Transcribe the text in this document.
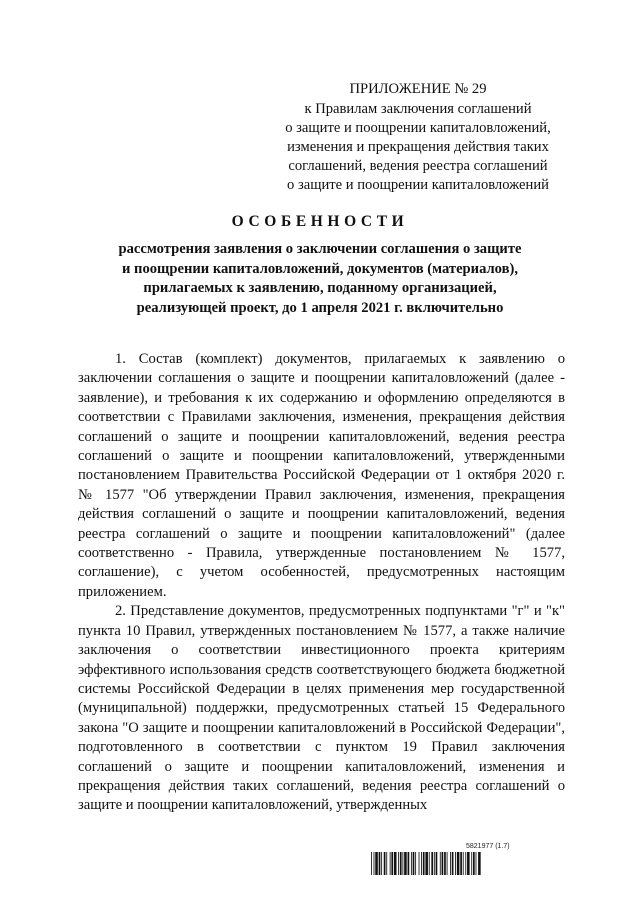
ПРИЛОЖЕНИЕ № 29
к Правилам заключения соглашений
о защите и поощрении капиталовложений,
изменения и прекращения действия таких
соглашений, ведения реестра соглашений
о защите и поощрении капиталовложений
ОСОБЕННОСТИ
рассмотрения заявления о заключении соглашения о защите
и поощрении капиталовложений, документов (материалов),
прилагаемых к заявлению, поданному организацией,
реализующей проект, до 1 апреля 2021 г. включительно

1. Состав (комплект) документов, прилагаемых к заявлению о заключении соглашения о защите и поощрении капиталовложений (далее - заявление), и требования к их содержанию и оформлению определяются в соответствии с Правилами заключения, изменения, прекращения действия соглашений о защите и поощрении капиталовложений, ведения реестра соглашений о защите и поощрении капиталовложений, утвержденными постановлением Правительства Российской Федерации от 1 октября 2020 г. № 1577 "Об утверждении Правил заключения, изменения, прекращения действия соглашений о защите и поощрении капиталовложений, ведения реестра соглашений о защите и поощрении капиталовложений" (далее соответственно - Правила, утвержденные постановлением № 1577, соглашение), с учетом особенностей, предусмотренных настоящим приложением.

2. Представление документов, предусмотренных подпунктами "г" и "к" пункта 10 Правил, утвержденных постановлением № 1577, а также наличие заключения о соответствии инвестиционного проекта критериям эффективного использования средств соответствующего бюджета бюджетной системы Российской Федерации в целях применения мер государственной (муниципальной) поддержки, предусмотренных статьей 15 Федерального закона "О защите и поощрении капиталовложений в Российской Федерации", подготовленного в соответствии с пунктом 19 Правил заключения соглашений о защите и поощрении капиталовложений, изменения и прекращения действия таких соглашений, ведения реестра соглашений о защите и поощрении капиталовложений, утвержденных

5821977 (1.7)
